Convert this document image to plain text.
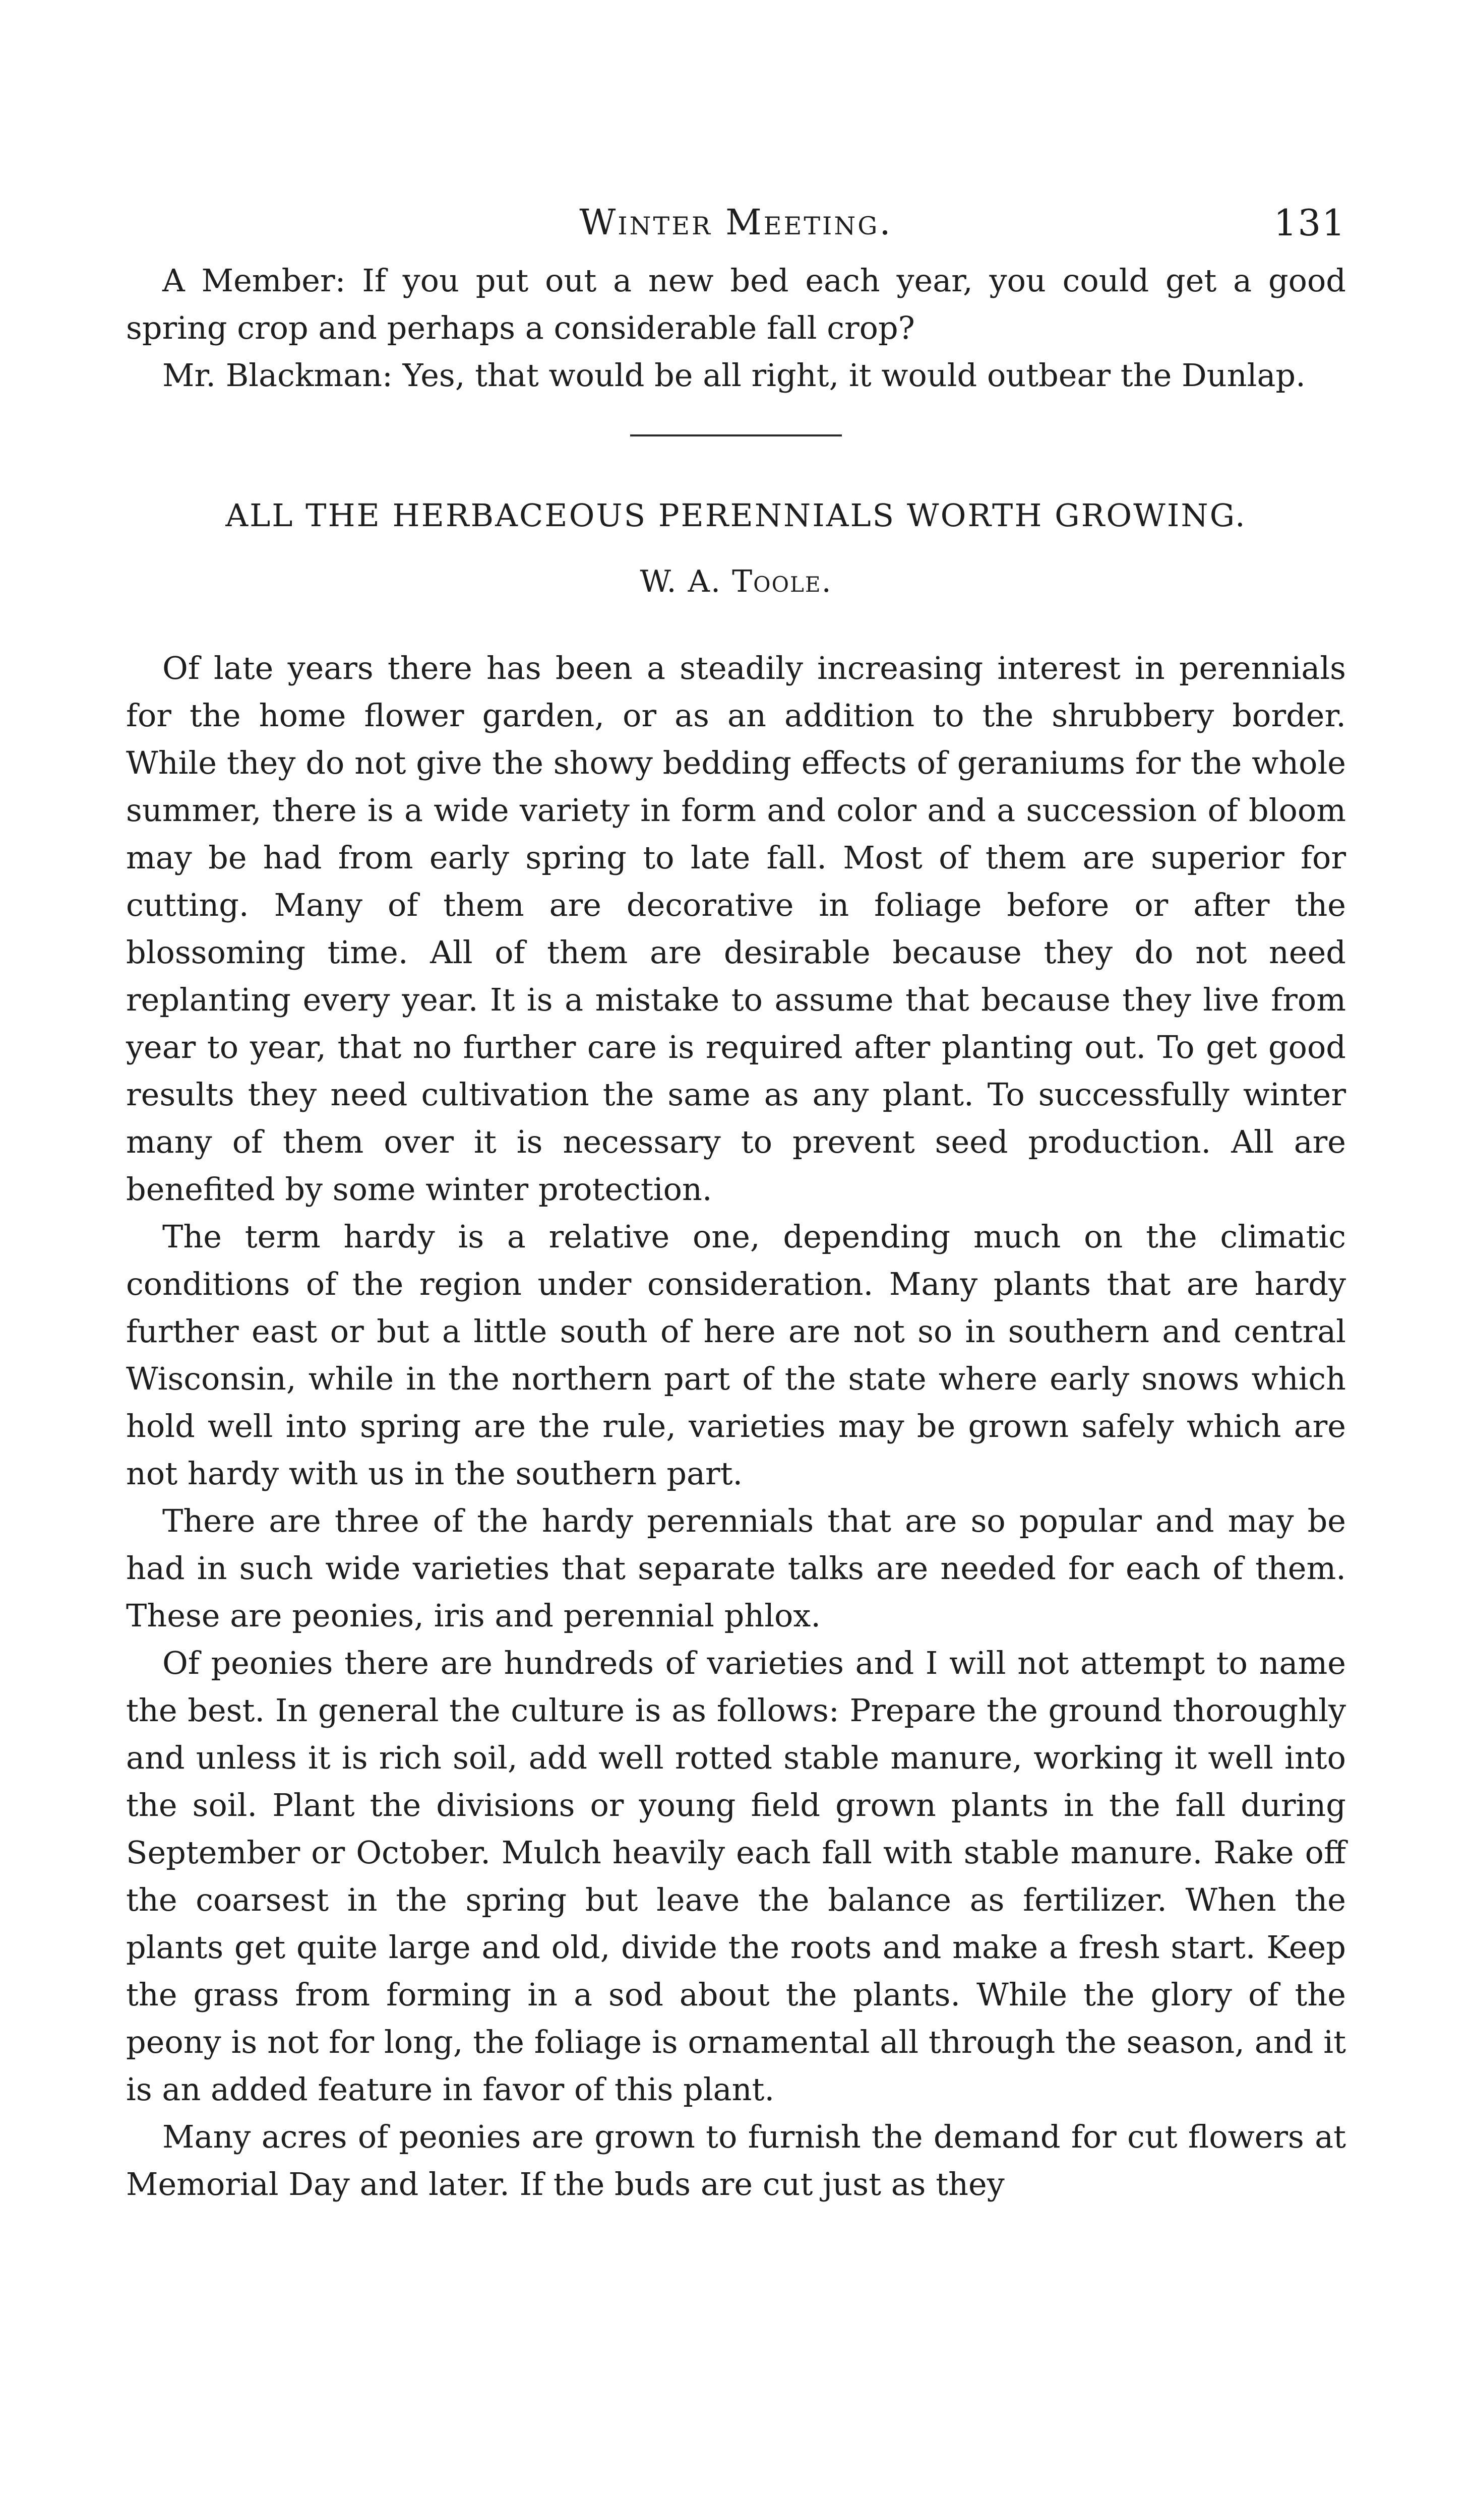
Winter Meeting.	131

A Member: If you put out a new bed each year, you could get a good spring crop and perhaps a considerable fall crop?

Mr. Blackman: Yes, that would be all right, it would outbear the Dunlap.

ALL THE HERBACEOUS PERENNIALS WORTH GROWING.
W. A. Toole.

Of late years there has been a steadily increasing interest in perennials for the home flower garden, or as an addition to the shrubbery border. While they do not give the showy bedding effects of geraniums for the whole summer, there is a wide variety in form and color and a succession of bloom may be had from early spring to late fall. Most of them are superior for cutting. Many of them are decorative in foliage before or after the blossoming time. All of them are desirable because they do not need replanting every year. It is a mistake to assume that because they live from year to year, that no further care is required after planting out. To get good results they need cultivation the same as any plant. To successfully winter many of them over it is necessary to prevent seed production. All are benefited by some winter protection.

The term hardy is a relative one, depending much on the climatic conditions of the region under consideration. Many plants that are hardy further east or but a little south of here are not so in southern and central Wisconsin, while in the northern part of the state where early snows which hold well into spring are the rule, varieties may be grown safely which are not hardy with us in the southern part.

There are three of the hardy perennials that are so popular and may be had in such wide varieties that separate talks are needed for each of them. These are peonies, iris and perennial phlox.

Of peonies there are hundreds of varieties and I will not attempt to name the best. In general the culture is as follows: Prepare the ground thoroughly and unless it is rich soil, add well rotted stable manure, working it well into the soil. Plant the divisions or young field grown plants in the fall during September or October. Mulch heavily each fall with stable manure. Rake off the coarsest in the spring but leave the balance as fertilizer. When the plants get quite large and old, divide the roots and make a fresh start. Keep the grass from forming in a sod about the plants. While the glory of the peony is not for long, the foliage is ornamental all through the season, and it is an added feature in favor of this plant.

Many acres of peonies are grown to furnish the demand for cut flowers at Memorial Day and later. If the buds are cut just as they
